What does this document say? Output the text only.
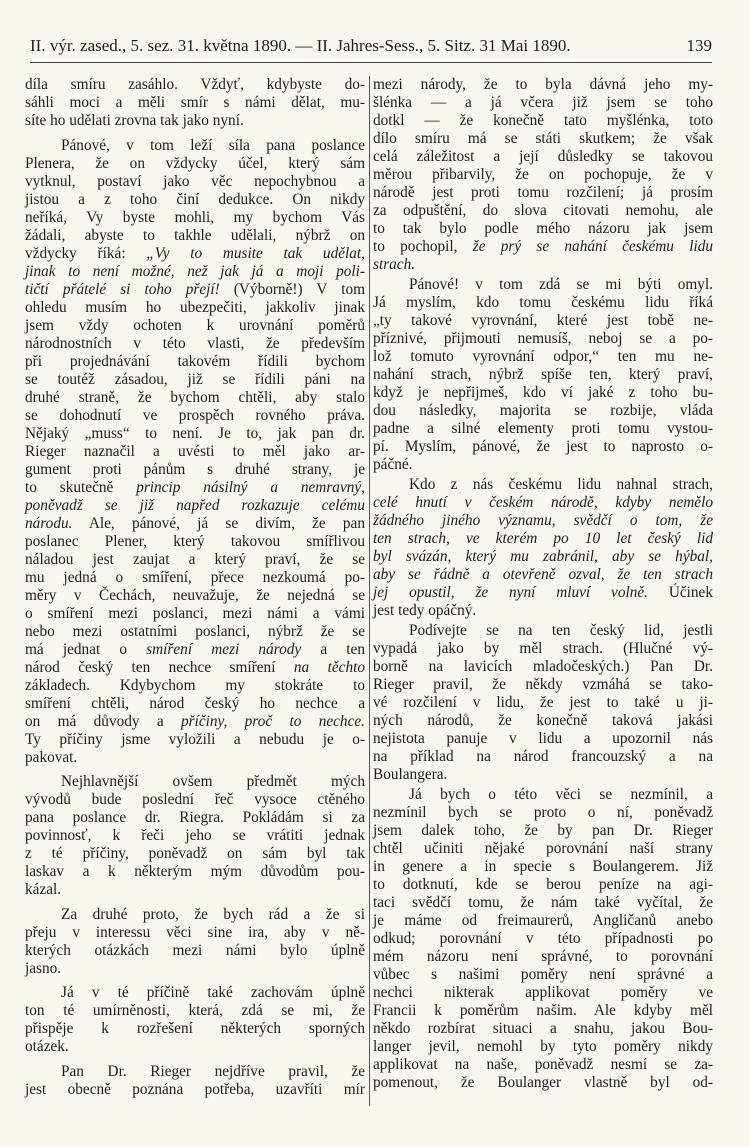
II. výr. zased., 5. sez. 31. května 1890. — II. Jahres-Sess., 5. Sitz. 31 Mai 1890.	139
díla smíru zasáhlo. Vždyť, kdybyste do-
sáhli moci a měli smír s námi dělat, mu-
síte ho udělati zrovna tak jako nyní.
Pánové, v tom leží síla pana poslance
Plenera, že on vždycky účel, který sám
vytknul, postaví jako věc nepochybnou a
jistou a z toho činí dedukce. On nikdy
neříká, Vy byste mohli, my bychom Vás
žádali, abyste to takhle udělali, nýbrž on
vždycky říká: „Vy to musite tak udělat,
jinak to není možné, než jak já a moji poli-
tičtí přátelé si toho přejí! (Výborně!) V tom
ohledu musím ho ubezpečiti, jakkoliv jinak
jsem vždy ochoten k urovnání poměrů
národnostních v této vlasti, že především
při projednávání takovém řídili bychom
se toutéž zásadou, již se řídili páni na
druhé straně, že bychom chtěli, aby stalo
se dohodnutí ve prospěch rovného práva.
Nějaký „muss“ to není. Je to, jak pan dr.
Rieger naznačil a uvésti to měl jako ar-
gument proti pánům s druhé strany, je
to skutečně princip násilný a nemravný,
poněvadž se již napřed rozkazuje celému
národu. Ale, pánové, já se divím, že pan
poslanec Plener, který takovou smířlivou
náladou jest zaujat a který praví, že se
mu jedná o smíření, přece nezkoumá po-
měry v Čechách, neuvažuje, že nejedná se
o smíření mezi poslanci, mezi námi a vámi
nebo mezi ostatními poslanci, nýbrž že se
má jednat o smíření mezi národy a ten
národ český ten nechce smíření na těchto
základech. Kdybychom my stokráte to
smíření chtěli, národ český ho nechce a
on má důvody a příčiny, proč to nechce.
Ty příčiny jsme vyložili a nebudu je o-
pakovat.
Nejhlavnější ovšem předmět mých
vývodů bude poslední řeč vysoce ctěného
pana poslance dr. Riegra. Pokládám si za
povinnosť, k řeči jeho se vrátiti jednak
z té příčiny, poněvadž on sám byl tak
laskav a k některým mým důvodům pou-
kázal.
Za druhé proto, že bych rád a že si
přeju v interessu věci sine ira, aby v ně-
kterých otázkách mezi námi bylo úplně
jasno.
Já v té příčině také zachovám úplně
ton té umírněnosti, která, zdá se mi, že
přispěje k rozřešení některých sporných
otázek.
Pan Dr. Rieger nejdříve pravil, že
jest obecně poznána potřeba, uzavříti mír
mezi národy, že to byla dávná jeho my-
šlénka — a já včera již jsem se toho
dotkl — že konečně tato myšlénka, toto
dílo smíru má se státi skutkem; že však
celá záležitost a její důsledky se takovou
měrou přibarvily, že on pochopuje, že v
národě jest proti tomu rozčilení; já prosím
za odpuštění, do slova citovati nemohu, ale
to tak bylo podle mého názoru jak jsem
to pochopil, že prý se nahání českému lidu
strach.
Pánové! v tom zdá se mi býti omyl.
Já myslím, kdo tomu českému lidu říká
„ty takové vyrovnání, které jest tobě ne-
příznivé, přijmouti nemusíš, neboj se a po-
lož tomuto vyrovnání odpor,“ ten mu ne-
nahání strach, nýbrž spíše ten, který praví,
když je nepřijmeš, kdo ví jaké z toho bu-
dou následky, majorita se rozbije, vláda
padne a silné elementy proti tomu vystou-
pí. Myslím, pánové, že jest to naprosto o-
páčné.
Kdo z nás českému lidu nahnal strach,
celé hnutí v českém národě, kdyby nemělo
žádného jiného významu, svědčí o tom, že
ten strach, ve kterém po 10 let český lid
byl svázán, který mu zabránil, aby se hýbal,
aby se řádně a otevřeně ozval, že ten strach
jej opustil, že nyní mluví volně. Účinek
jest tedy opáčný.
Podívejte se na ten český lid, jestli
vypadá jako by měl strach. (Hlučné vý-
borně na lavicích mladočeských.) Pan Dr.
Rieger pravil, že někdy vzmáhá se tako-
vé rozčilení v lidu, že jest to také u ji-
ných národů, že konečně taková jakási
nejistota panuje v lidu a upozornil nás
na příklad na národ francouzský a na
Boulangera.
Já bych o této věci se nezmínil, a
nezmínil bych se proto o ní, poněvadž
jsem dalek toho, že by pan Dr. Rieger
chtěl učiniti nějaké porovnání naší strany
in genere a in specie s Boulangerem. Již
to dotknutí, kde se berou peníze na agi-
taci svědčí tomu, že nám také vyčítal, že
je máme od freimaurerů, Angličanů anebo
odkud; porovnání v této případnosti po
mém názoru není správné, to porovnání
vůbec s našimi poměry není správné a
nechci nikterak applikovat poměry ve
Francii k poměrům našim. Ale kdyby měl
někdo rozbírat situaci a snahu, jakou Bou-
langer jevil, nemohl by tyto poměry nikdy
applikovat na naše, poněvadž nesmí se za-
pomenout, že Boulanger vlastně byl od-
